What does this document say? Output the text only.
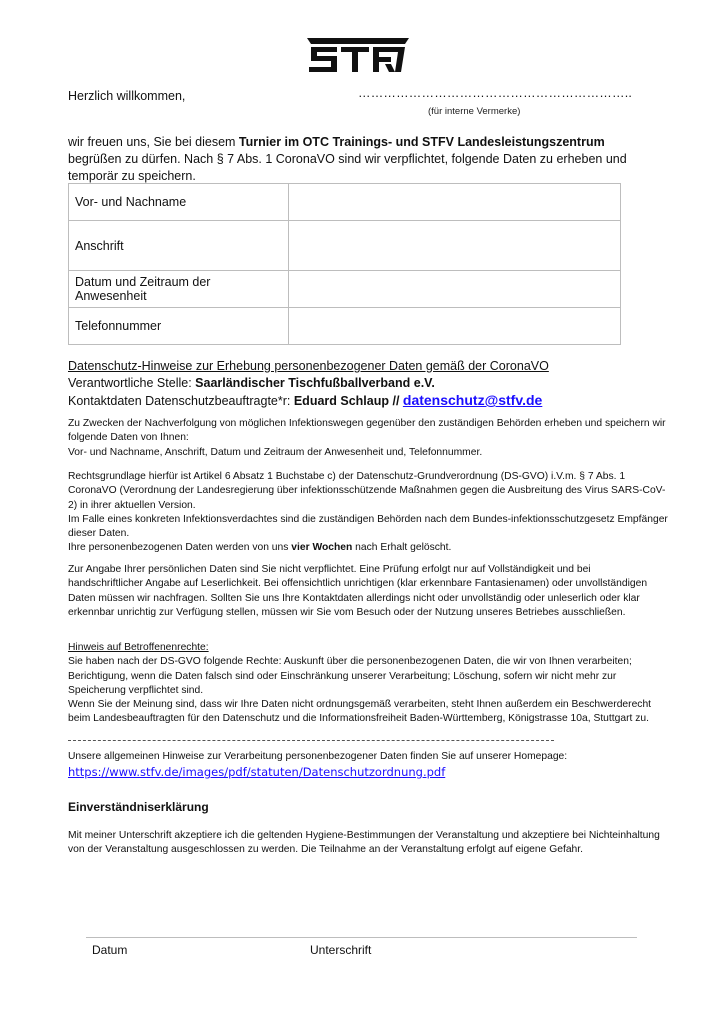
Herzlich willkommen,	………………………………………………………..
(für interne Vermerke)
wir freuen uns, Sie bei diesem Turnier im OTC Trainings- und STFV Landesleistungszentrum begrüßen zu dürfen. Nach § 7 Abs. 1 CoronaVO sind wir verpflichtet, folgende Daten zu erheben und temporär zu speichern.
Vor- und Nachname	
Anschrift	
Datum und Zeitraum der Anwesenheit	
Telefonnummer	
Datenschutz-Hinweise zur Erhebung personenbezogener Daten gemäß der CoronaVO
Verantwortliche Stelle: Saarländischer Tischfußballverband e.V.
Kontaktdaten Datenschutzbeauftragte*r: Eduard Schlaup // datenschutz@stfv.de
Zu Zwecken der Nachverfolgung von möglichen Infektionswegen gegenüber den zuständigen Behörden erheben und speichern wir folgende Daten von Ihnen:
Vor- und Nachname, Anschrift, Datum und Zeitraum der Anwesenheit und, Telefonnummer.
Rechtsgrundlage hierfür ist Artikel 6 Absatz 1 Buchstabe c) der Datenschutz-Grundverordnung (DS-GVO) i.V.m. § 7 Abs. 1 CoronaVO (Verordnung der Landesregierung über infektionsschützende Maßnahmen gegen die Ausbreitung des Virus SARS-CoV-2) in ihrer aktuellen Version.
Im Falle eines konkreten Infektionsverdachtes sind die zuständigen Behörden nach dem Bundes-infektionsschutzgesetz Empfänger dieser Daten.
Ihre personenbezogenen Daten werden von uns vier Wochen nach Erhalt gelöscht.
Zur Angabe Ihrer persönlichen Daten sind Sie nicht verpflichtet. Eine Prüfung erfolgt nur auf Vollständigkeit und bei handschriftlicher Angabe auf Leserlichkeit. Bei offensichtlich unrichtigen (klar erkennbare Fantasienamen) oder unvollständigen Daten müssen wir nachfragen. Sollten Sie uns Ihre Kontaktdaten allerdings nicht oder unvollständig oder unleserlich oder klar erkennbar unrichtig zur Verfügung stellen, müssen wir Sie vom Besuch oder der Nutzung unseres Betriebes ausschließen.
Hinweis auf Betroffenenrechte:
Sie haben nach der DS-GVO folgende Rechte: Auskunft über die personenbezogenen Daten, die wir von Ihnen verarbeiten; Berichtigung, wenn die Daten falsch sind oder Einschränkung unserer Verarbeitung; Löschung, sofern wir nicht mehr zur Speicherung verpflichtet sind.
Wenn Sie der Meinung sind, dass wir Ihre Daten nicht ordnungsgemäß verarbeiten, steht Ihnen außerdem ein Beschwerderecht beim Landesbeauftragten für den Datenschutz und die Informationsfreiheit Baden-Württemberg, Königstrasse 10a, Stuttgart zu.
Unsere allgemeinen Hinweise zur Verarbeitung personenbezogener Daten finden Sie auf unserer Homepage:
https://www.stfv.de/images/pdf/statuten/Datenschutzordnung.pdf
Einverständniserklärung
Mit meiner Unterschrift akzeptiere ich die geltenden Hygiene-Bestimmungen der Veranstaltung und akzeptiere bei Nichteinhaltung von der Veranstaltung ausgeschlossen zu werden. Die Teilnahme an der Veranstaltung erfolgt auf eigene Gefahr.
Datum	Unterschrift
